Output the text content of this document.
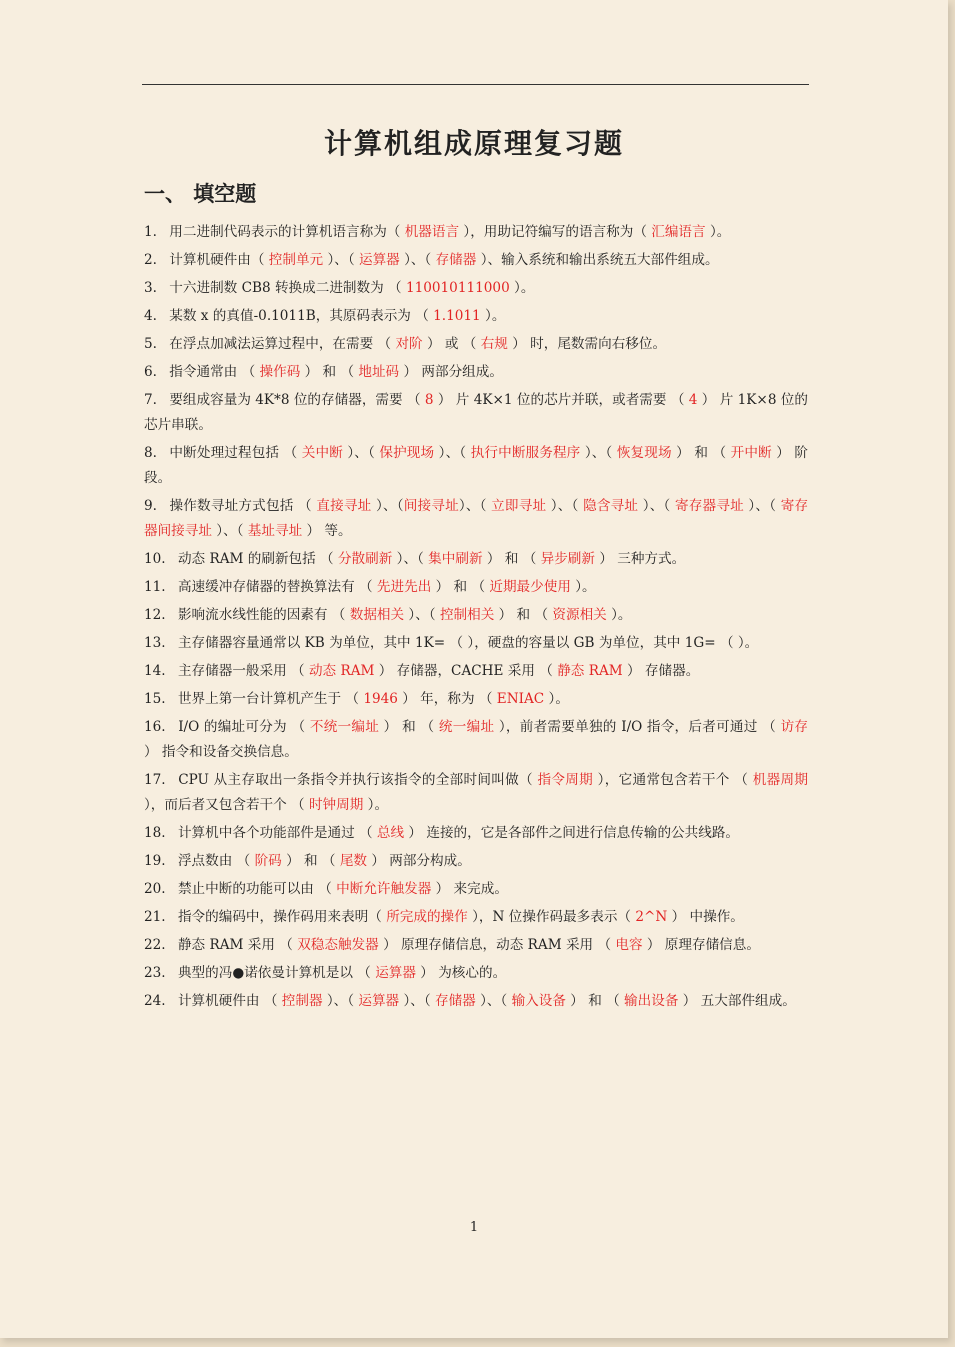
计算机组成原理复习题
一、 填空题
1. 用二进制代码表示的计算机语言称为（ 机器语言 ），用助记符编写的语言称为（ 汇编语言 ）。
2. 计算机硬件由（ 控制单元 ）、（ 运算器 ）、（ 存储器 ）、输入系统和输出系统五大部件组成。
3. 十六进制数 CB8 转换成二进制数为 （ 110010111000 ）。
4. 某数 x 的真值-0.1011B，其原码表示为 （ 1.1011 ）。
5. 在浮点加减法运算过程中，在需要 （ 对阶 ） 或 （ 右规 ） 时，尾数需向右移位。
6. 指令通常由 （ 操作码 ） 和 （ 地址码 ） 两部分组成。
7. 要组成容量为 4K*8 位的存储器，需要 （ 8 ） 片 4K×1 位的芯片并联，或者需要 （ 4 ） 片 1K×8 位的芯片串联。
8. 中断处理过程包括 （ 关中断 ）、（ 保护现场 ）、（ 执行中断服务程序 ）、（ 恢复现场 ） 和 （ 开中断 ） 阶段。
9. 操作数寻址方式包括 （ 直接寻址 ）、（间接寻址）、（ 立即寻址 ）、（ 隐含寻址 ）、（ 寄存器寻址 ）、（ 寄存器间接寻址 ）、（ 基址寻址 ） 等。
10. 动态 RAM 的刷新包括 （ 分散刷新 ）、（ 集中刷新 ） 和 （ 异步刷新 ） 三种方式。
11. 高速缓冲存储器的替换算法有 （ 先进先出 ） 和 （ 近期最少使用 ）。
12. 影响流水线性能的因素有 （ 数据相关 ）、（ 控制相关 ） 和 （ 资源相关 ）。
13. 主存储器容量通常以 KB 为单位，其中 1K= （ ），硬盘的容量以 GB 为单位，其中 1G= （ ）。
14. 主存储器一般采用 （ 动态 RAM ） 存储器，CACHE 采用 （ 静态 RAM ） 存储器。
15. 世界上第一台计算机产生于 （ 1946 ） 年，称为 （ ENIAC ）。
16. I/O 的编址可分为 （ 不统一编址 ） 和 （ 统一编址 ），前者需要单独的 I/O 指令，后者可通过 （ 访存 ） 指令和设备交换信息。
17. CPU 从主存取出一条指令并执行该指令的全部时间叫做（ 指令周期 ），它通常包含若干个 （ 机器周期 ），而后者又包含若干个 （ 时钟周期 ）。
18. 计算机中各个功能部件是通过 （ 总线 ） 连接的，它是各部件之间进行信息传输的公共线路。
19. 浮点数由 （ 阶码 ） 和 （ 尾数 ） 两部分构成。
20. 禁止中断的功能可以由 （ 中断允许触发器 ） 来完成。
21. 指令的编码中，操作码用来表明（ 所完成的操作 ），N 位操作码最多表示（ 2^N ） 中操作。
22. 静态 RAM 采用 （ 双稳态触发器 ） 原理存储信息，动态 RAM 采用 （ 电容 ） 原理存储信息。
23. 典型的冯●诺依曼计算机是以 （ 运算器 ） 为核心的。
24. 计算机硬件由 （ 控制器 ）、（ 运算器 ）、（ 存储器 ）、（ 输入设备 ） 和 （ 输出设备 ） 五大部件组成。
1
